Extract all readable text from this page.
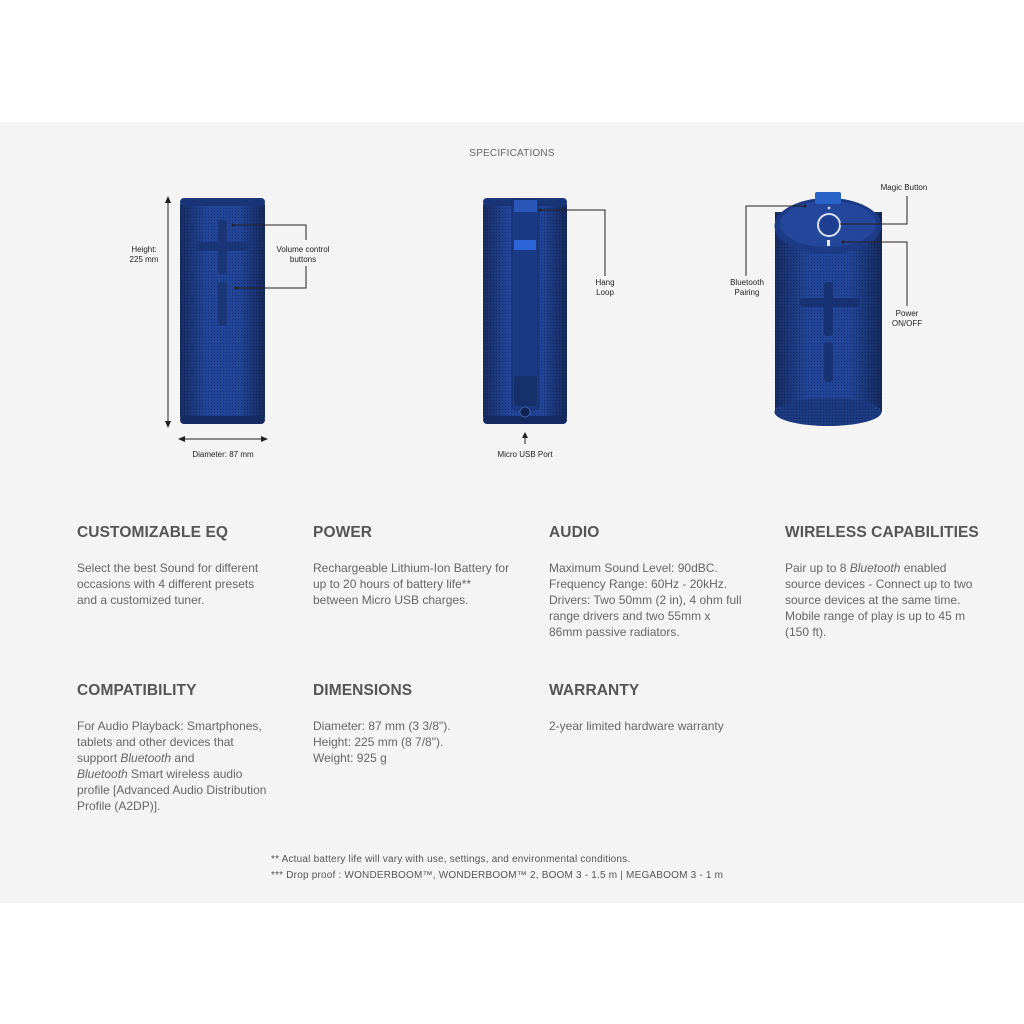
SPECIFICATIONS
Height:
225 mm
Volume control
buttons
Diameter: 87 mm
Hang
Loop
Micro USB Port
Magic Button
Bluetooth
Pairing
Power
ON/OFF
CUSTOMIZABLE EQ

Select the best Sound for different
occasions with 4 different presets
and a customized tuner.

POWER

Rechargeable Lithium-Ion Battery for
up to 20 hours of battery life**
between Micro USB charges.

AUDIO

Maximum Sound Level: 90dBC.
Frequency Range: 60Hz - 20kHz.
Drivers: Two 50mm (2 in), 4 ohm full
range drivers and two 55mm x
86mm passive radiators.

WIRELESS CAPABILITIES

Pair up to 8 Bluetooth enabled
source devices - Connect up to two
source devices at the same time.
Mobile range of play is up to 45 m
(150 ft).

COMPATIBILITY

For Audio Playback: Smartphones,
tablets and other devices that
support Bluetooth and
Bluetooth Smart wireless audio
profile [Advanced Audio Distribution
Profile (A2DP)].

DIMENSIONS

Diameter: 87 mm (3 3/8").
Height: 225 mm (8 7/8").
Weight: 925 g

WARRANTY

2-year limited hardware warranty

** Actual battery life will vary with use, settings, and environmental conditions.
*** Drop proof : WONDERBOOM™, WONDERBOOM™ 2, BOOM 3 - 1.5 m | MEGABOOM 3 - 1 m
